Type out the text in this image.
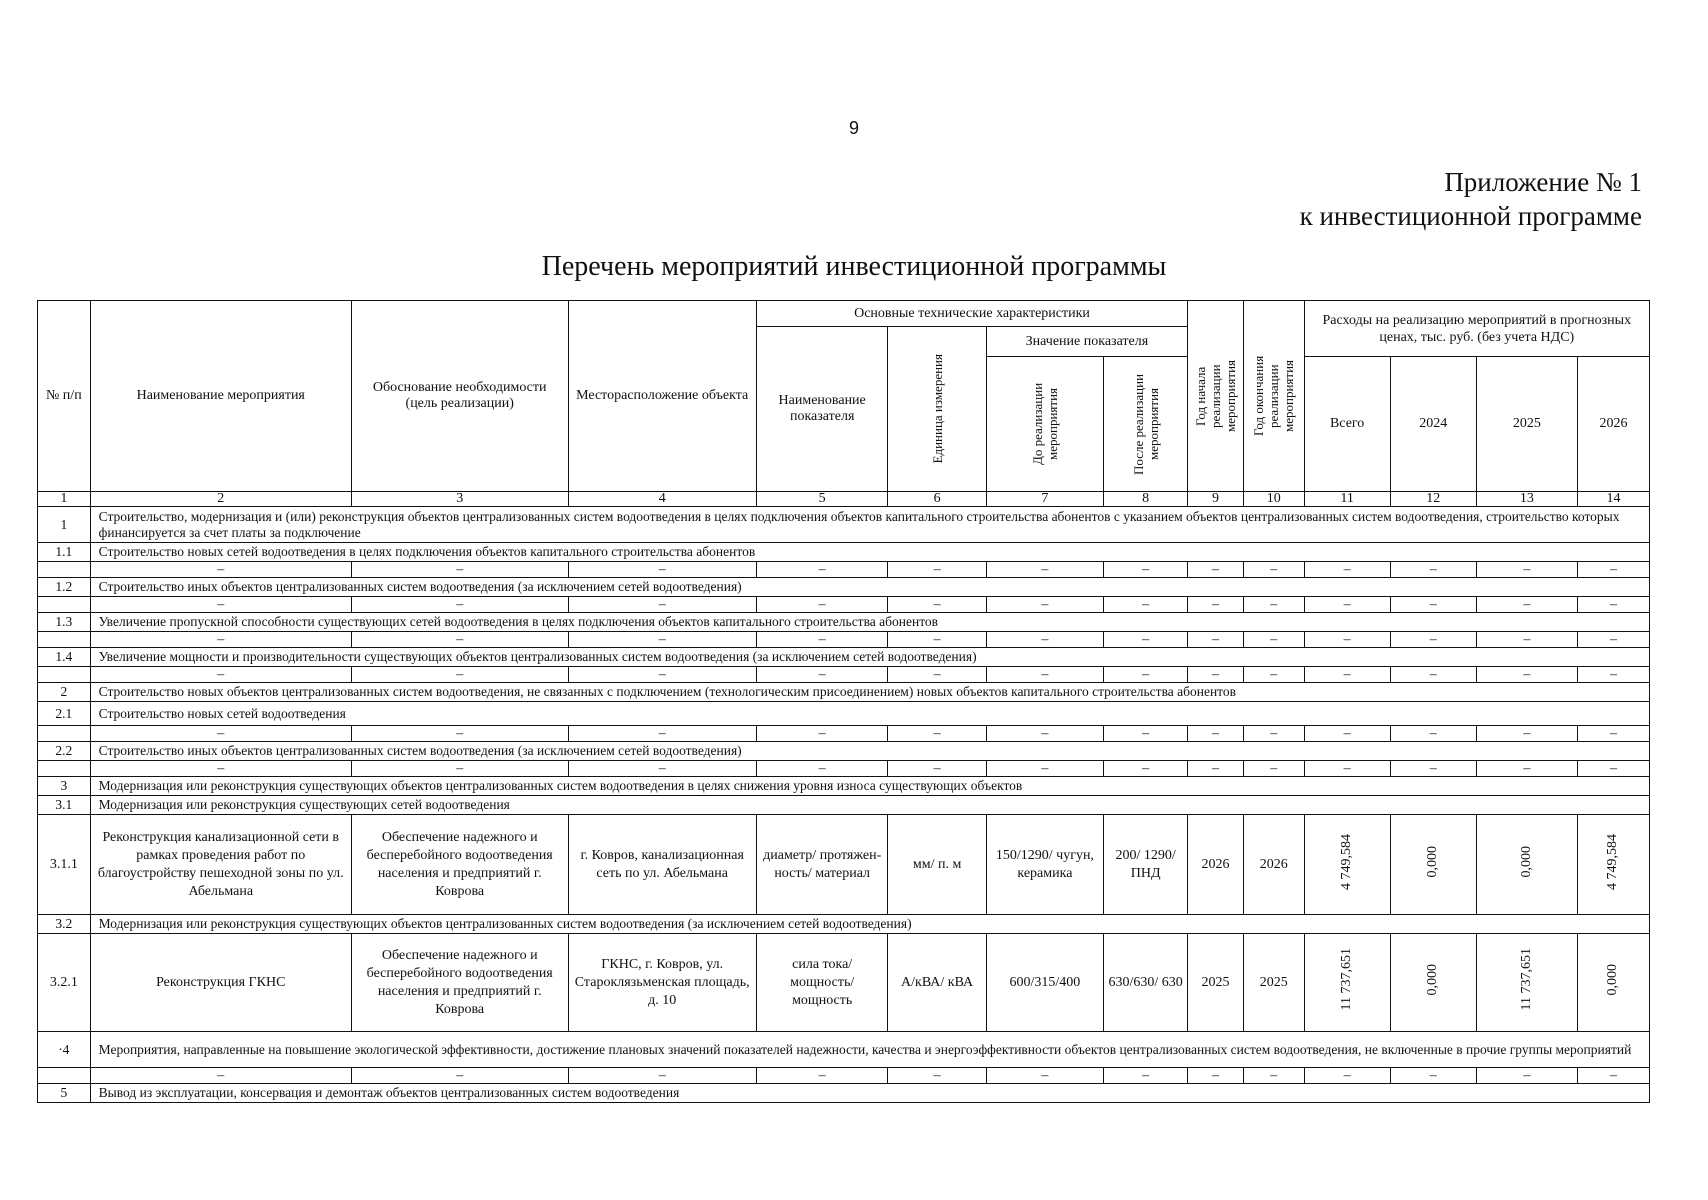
9
Приложение № 1
к инвестиционной программе
Перечень мероприятий инвестиционной программы
№ п/п	Наименование мероприятия	Обоснование необходимости (цель реализации)	Месторасположение объекта	Основные технические характеристики				Год начала реализации мероприятия	Год окончания реализации мероприятия	Расходы на реализацию мероприятий в прогнозных ценах, тыс. руб. (без учета НДС)			
				Наименование показателя	Единица измерения	Значение показателя							

						До реализации мероприятия	После реализации мероприятия			Всего	2024	2025	2026
1	2	3	4	5	6	7	8	9	10	11	12	13	14
1	Строительство, модернизация и (или) реконструкция объектов централизованных систем водоотведения в целях подключения объектов капитального строительства абонентов с указанием объектов централизованных систем водоотведения, строительство которых финансируется за счет платы за подключение												
1.1	Строительство новых сетей водоотведения в целях подключения объектов капитального строительства абонентов												
	–	–	–	–	–	–	–	–	–	–	–	–	–
1.2	Строительство иных объектов централизованных систем водоотведения (за исключением сетей водоотведения)												
	–	–	–	–	–	–	–	–	–	–	–	–	–
1.3	Увеличение пропускной способности существующих сетей водоотведения в целях подключения объектов капитального строительства абонентов												
	–	–	–	–	–	–	–	–	–	–	–	–	–
1.4	Увеличение мощности и производительности существующих объектов централизованных систем водоотведения (за исключением сетей водоотведения)												
	–	–	–	–	–	–	–	–	–	–	–	–	–
2	Строительство новых объектов централизованных систем водоотведения, не связанных с подключением (технологическим присоединением) новых объектов капитального строительства абонентов												
2.1	Строительство новых сетей водоотведения												
	–	–	–	–	–	–	–	–	–	–	–	–	–
2.2	Строительство иных объектов централизованных систем водоотведения (за исключением сетей водоотведения)												
	–	–	–	–	–	–	–	–	–	–	–	–	–
3	Модернизация или реконструкция существующих объектов централизованных систем водоотведения в целях снижения уровня износа существующих объектов												
3.1	Модернизация или реконструкция существующих сетей водоотведения												
3.1.1	Реконструкция канализационной сети в рамках проведения работ по благоустройству пешеходной зоны по ул. Абельмана	Обеспечение надежного и бесперебойного водоотведения населения и предприятий г. Коврова	г. Ковров, канализационная сеть по ул. Абельмана	диаметр/ протяжен-ность/ материал	мм/ п. м	150/1290/ чугун, керамика	200/ 1290/ ПНД	2026	2026	4 749,584	0,000	0,000	4 749,584
3.2	Модернизация или реконструкция существующих объектов централизованных систем водоотведения (за исключением сетей водоотведения)												
3.2.1	Реконструкция ГКНС	Обеспечение надежного и бесперебойного водоотведения населения и предприятий г. Коврова	ГКНС, г. Ковров, ул. Староклязьменская площадь, д. 10	сила тока/ мощность/ мощность	А/кВА/ кВА	600/315/400	630/630/ 630	2025	2025	11 737,651	0,000	11 737,651	0,000
·4	Мероприятия, направленные на повышение экологической эффективности, достижение плановых значений показателей надежности, качества и энергоэффективности объектов централизованных систем водоотведения, не включенные в прочие группы мероприятий												
	–	–	–	–	–	–	–	–	–	–	–	–	–
5	Вывод из эксплуатации, консервация и демонтаж объектов централизованных систем водоотведения												
